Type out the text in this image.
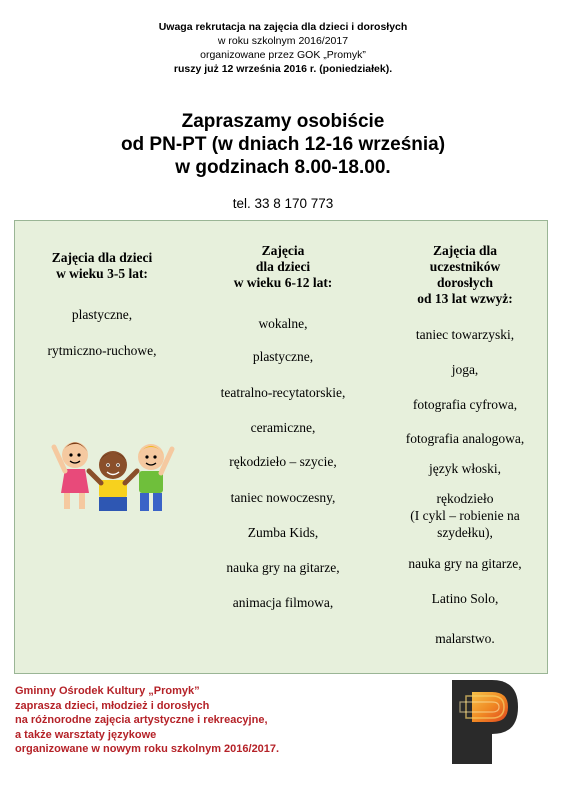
Uwaga rekrutacja na zajęcia dla dzieci i dorosłych
w roku szkolnym 2016/2017
organizowane przez GOK „Promyk”
ruszy już 12 września 2016 r. (poniedziałek).
Zapraszamy osobiście
od PN-PT (w dniach 12-16 września)
w godzinach 8.00-18.00.
tel. 33 8 170 773
Zajęcia dla dzieci
w wieku 3-5 lat:
plastyczne,
rytmiczno-ruchowe,
Zajęcia
dla dzieci
w wieku 6-12 lat:
wokalne,
plastyczne,
teatralno-recytatorskie,
ceramiczne,
rękodzieło – szycie,
taniec nowoczesny,
Zumba Kids,
nauka gry na gitarze,
animacja filmowa,
Zajęcia dla
uczestników
dorosłych
od 13 lat wzwyż:
taniec towarzyski,
joga,
fotografia cyfrowa,
fotografia analogowa,
język włoski,
rękodzieło
(I cykl – robienie na
szydełku),
nauka gry na gitarze,
Latino Solo,
malarstwo.
Gminny Ośrodek Kultury „Promyk”
zaprasza dzieci, młodzież i dorosłych
na różnorodne zajęcia artystyczne i rekreacyjne,
a także warsztaty językowe
organizowane w nowym roku szkolnym 2016/2017.
